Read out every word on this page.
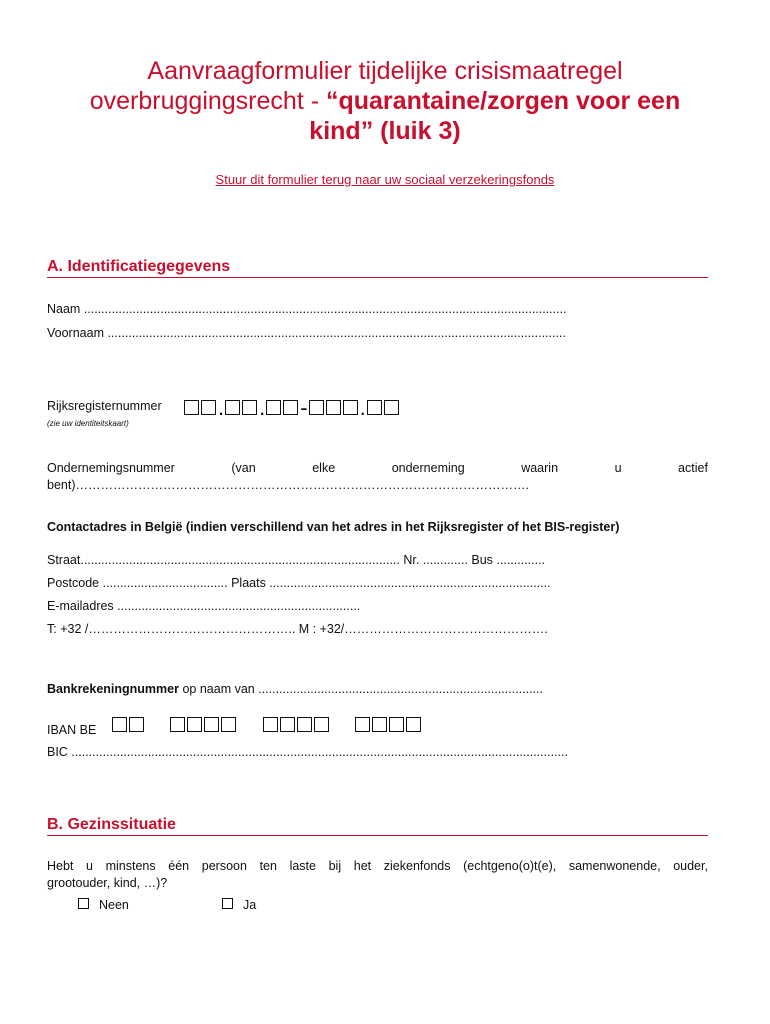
Aanvraagformulier tijdelijke crisismaatregel
overbruggingsrecht - “quarantaine/zorgen voor een
kind” (luik 3)
Stuur dit formulier terug naar uw sociaal verzekeringsfonds
A. Identificatiegegevens
Naam ...........................................................................................................................................
Voornaam ....................................................................................................................................
Rijksregisternummer	. . - .
(zie uw identiteitskaart)
Ondernemingsnummer	(van	elke	onderneming	waarin	u	actief
bent)……………………………………………………………………………………………….
Contactadres in België (indien verschillend van het adres in het Rijksregister of het BIS-register)
Straat............................................................................................ Nr. ............. Bus ..............
Postcode .................................... Plaats .................................................................................
E-mailadres ......................................................................
T: +32 /………………………………………….. M : +32/………………………………………….
Bankrekeningnummer op naam van ..................................................................................
IBAN BE

BIC ...............................................................................................................................................
B. Gezinssituatie
Hebt u minstens één persoon ten laste bij het ziekenfonds (echtgeno(o)t(e), samenwonende, ouder,
grootouder, kind, …)?
Neen	Ja
